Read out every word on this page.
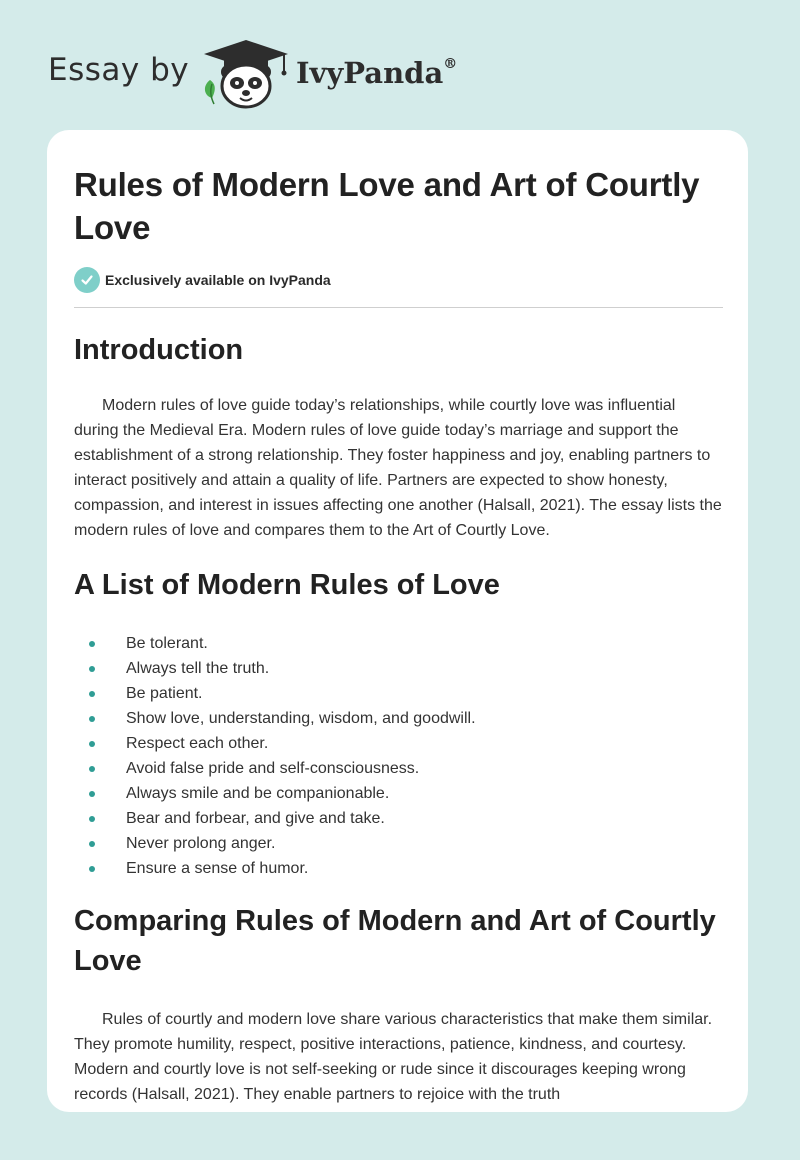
Essay by	IvyPanda®
Rules of Modern Love and Art of Courtly Love
Exclusively available on IvyPanda
Introduction

Modern rules of love guide today’s relationships, while courtly love was influential during the Medieval Era. Modern rules of love guide today’s marriage and support the establishment of a strong relationship. They foster happiness and joy, enabling partners to interact positively and attain a quality of life. Partners are expected to show honesty, compassion, and interest in issues affecting one another (Halsall, 2021). The essay lists the modern rules of love and compares them to the Art of Courtly Love.

A List of Modern Rules of Love
Be tolerant.
Always tell the truth.
Be patient.
Show love, understanding, wisdom, and goodwill.
Respect each other.
Avoid false pride and self-consciousness.
Always smile and be companionable.
Bear and forbear, and give and take.
Never prolong anger.
Ensure a sense of humor.
Comparing Rules of Modern and Art of Courtly Love

Rules of courtly and modern love share various characteristics that make them similar. They promote humility, respect, positive interactions, patience, kindness, and courtesy. Modern and courtly love is not self-seeking or rude since it discourages keeping wrong records (Halsall, 2021). They enable partners to rejoice with the truth
